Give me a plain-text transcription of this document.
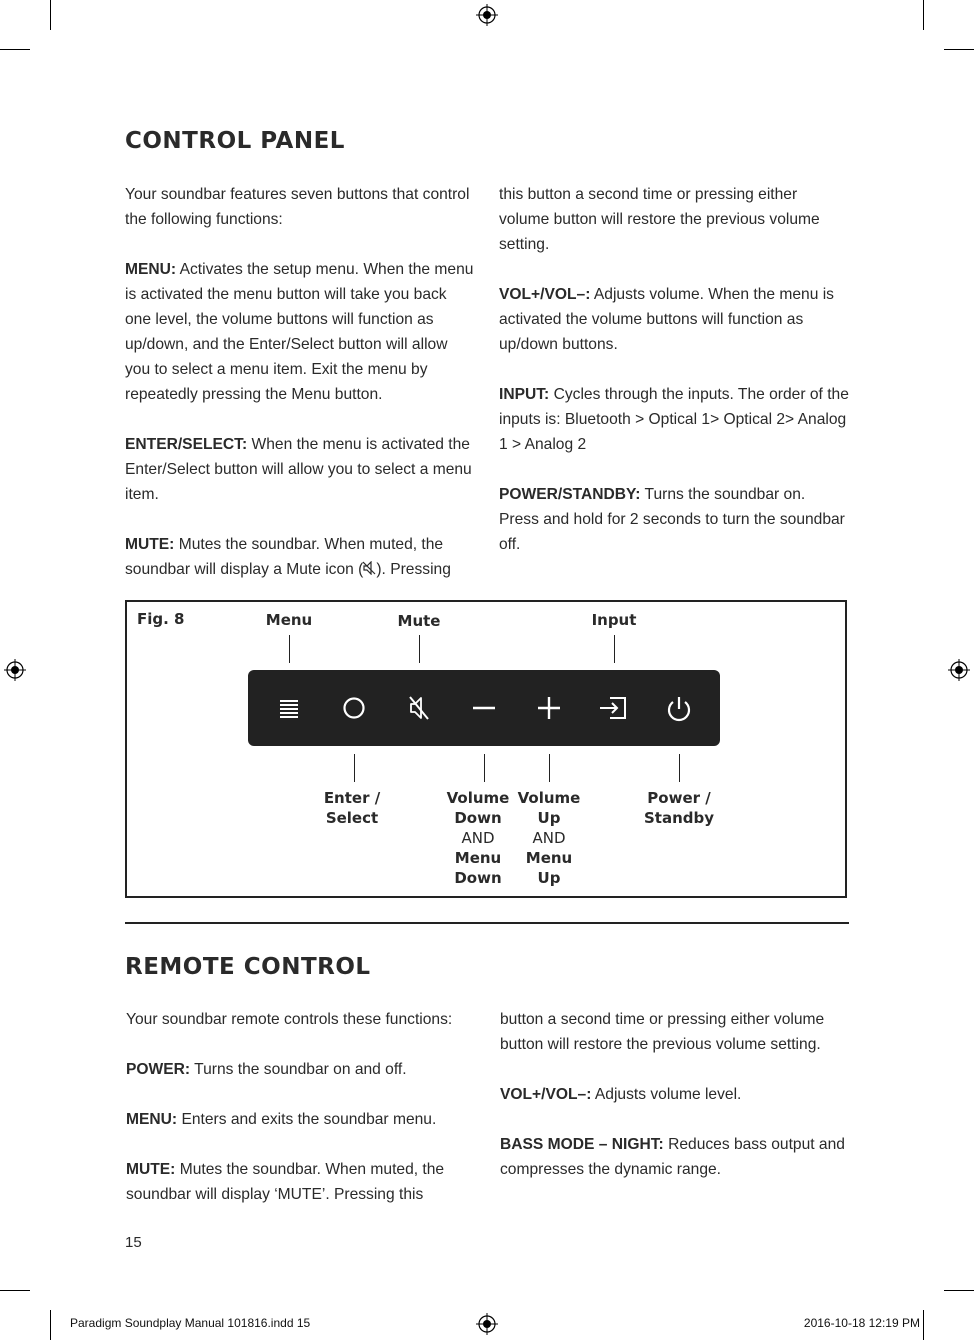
CONTROL PANEL

Your soundbar features seven buttons that control the following functions:

MENU: Activates the setup menu. When the menu is activated the menu button will take you back one level, the volume buttons will function as up/down, and the Enter/Select button will allow you to select a menu item. Exit the menu by repeatedly pressing the Menu button.

ENTER/SELECT: When the menu is activated the Enter/Select button will allow you to select a menu item.

MUTE: Mutes the soundbar. When muted, the soundbar will display a Mute icon ( ). Pressing

this button a second time or pressing either volume button will restore the previous volume setting.

VOL+/VOL–: Adjusts volume. When the menu is activated the volume buttons will function as up/down buttons.

INPUT: Cycles through the inputs. The order of the inputs is: Bluetooth > Optical 1> Optical 2> Analog 1 > Analog 2

POWER/STANDBY: Turns the soundbar on. Press and hold for 2 seconds to turn the soundbar off.

Fig. 8	Menu	Mute	Input
Enter /
Select
Volume
Down
AND
Menu
Down
Volume
Up
AND
Menu
Up
Power /
Standby
REMOTE CONTROL

Your soundbar remote controls these functions:

POWER: Turns the soundbar on and off.

MENU: Enters and exits the soundbar menu.

MUTE: Mutes the soundbar. When muted, the soundbar will display ‘MUTE’. Pressing this

button a second time or pressing either volume button will restore the previous volume setting.

VOL+/VOL–: Adjusts volume level.

BASS MODE – NIGHT: Reduces bass output and compresses the dynamic range.

15
Paradigm Soundplay Manual 101816.indd 15	2016-10-18 12:19 PM
